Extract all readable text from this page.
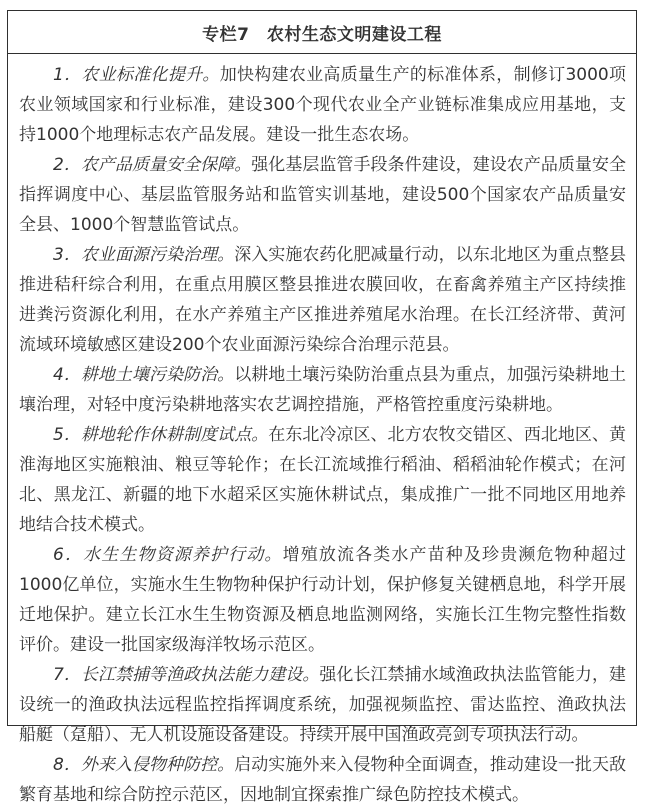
专栏7　农村生态文明建设工程

1．农业标准化提升。加快构建农业高质量生产的标准体系，制修订3000项农业领域国家和行业标准，建设300个现代农业全产业链标准集成应用基地，支持1000个地理标志农产品发展。建设一批生态农场。

2．农产品质量安全保障。强化基层监管手段条件建设，建设农产品质量安全指挥调度中心、基层监管服务站和监管实训基地，建设500个国家农产品质量安全县、1000个智慧监管试点。

3．农业面源污染治理。深入实施农药化肥减量行动，以东北地区为重点整县推进秸秆综合利用，在重点用膜区整县推进农膜回收，在畜禽养殖主产区持续推进粪污资源化利用，在水产养殖主产区推进养殖尾水治理。在长江经济带、黄河流域环境敏感区建设200个农业面源污染综合治理示范县。

4．耕地土壤污染防治。以耕地土壤污染防治重点县为重点，加强污染耕地土壤治理，对轻中度污染耕地落实农艺调控措施，严格管控重度污染耕地。

5．耕地轮作休耕制度试点。在东北冷凉区、北方农牧交错区、西北地区、黄淮海地区实施粮油、粮豆等轮作；在长江流域推行稻油、稻稻油轮作模式；在河北、黑龙江、新疆的地下水超采区实施休耕试点，集成推广一批不同地区用地养地结合技术模式。

6．水生生物资源养护行动。增殖放流各类水产苗种及珍贵濒危物种超过1000亿单位，实施水生生物物种保护行动计划，保护修复关键栖息地，科学开展迁地保护。建立长江水生生物资源及栖息地监测网络，实施长江生物完整性指数评价。建设一批国家级海洋牧场示范区。

7．长江禁捕等渔政执法能力建设。强化长江禁捕水域渔政执法监管能力，建设统一的渔政执法远程监控指挥调度系统，加强视频监控、雷达监控、渔政执法船艇（趸船）、无人机设施设备建设。持续开展中国渔政亮剑专项执法行动。

8．外来入侵物种防控。启动实施外来入侵物种全面调查，推动建设一批天敌繁育基地和综合防控示范区，因地制宜探索推广绿色防控技术模式。
